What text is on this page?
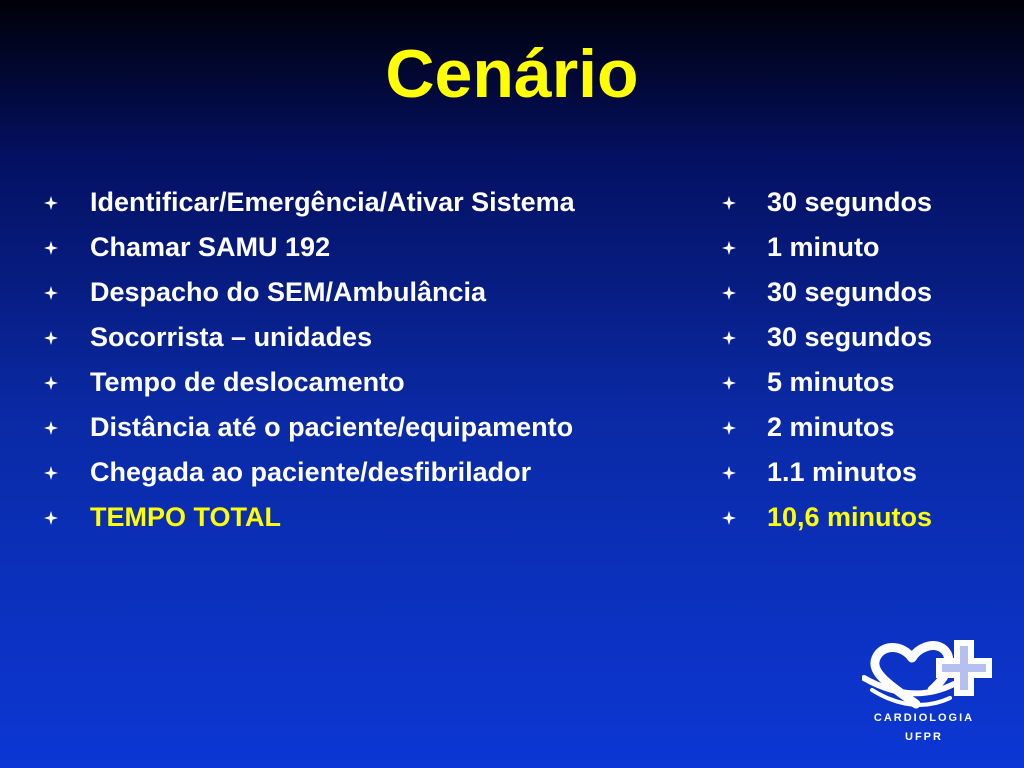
Cenário
Identificar/Emergência/Ativar Sistema
Chamar SAMU 192
Despacho do SEM/Ambulância
Socorrista – unidades
Tempo de deslocamento
Distância até o paciente/equipamento
Chegada ao paciente/desfibrilador
TEMPO TOTAL
30 segundos
1 minuto
30 segundos
30 segundos
5 minutos
2 minutos
1.1 minutos
10,6 minutos
CARDIOLOGIA
UFPR
